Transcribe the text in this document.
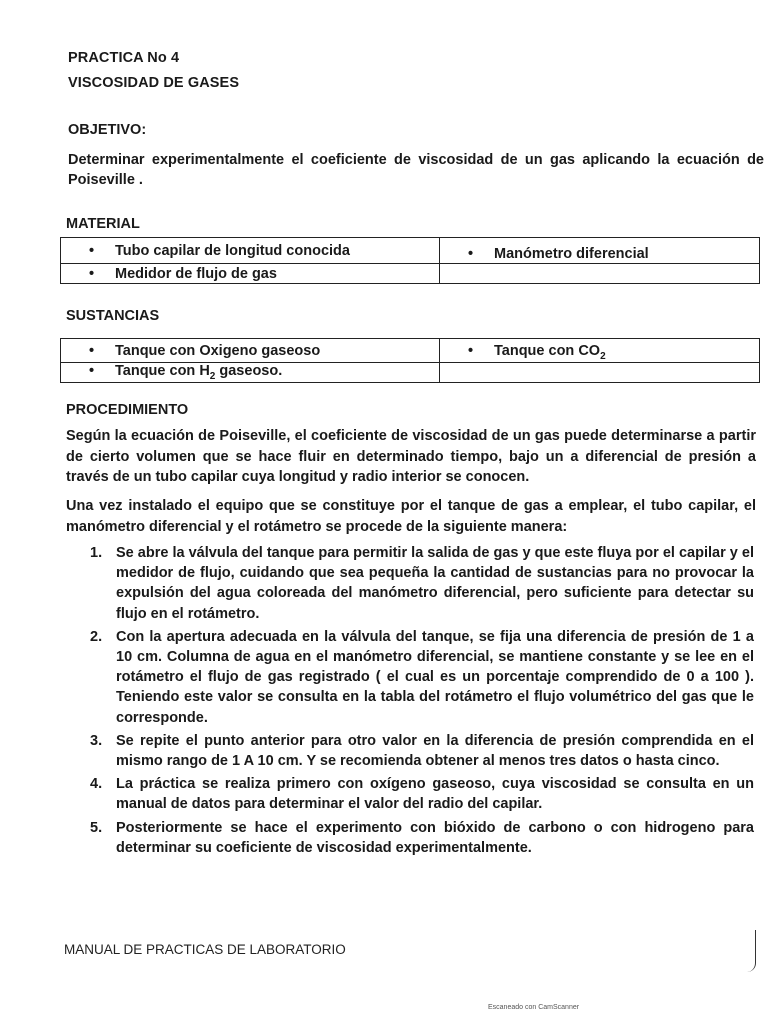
PRACTICA No 4
VISCOSIDAD DE GASES
OBJETIVO:
Determinar experimentalmente el coeficiente de viscosidad de un gas aplicando la ecuación de Poiseville .
MATERIAL
• Tubo capilar de longitud conocida	• Manómetro diferencial
• Medidor de flujo de gas	
SUSTANCIAS
• Tanque con Oxigeno gaseoso	• Tanque con $CO_2$
• Tanque con $H_2$ gaseoso.	
PROCEDIMIENTO
Según la ecuación de Poiseville, el coeficiente de viscosidad de un gas puede determinarse a partir de cierto volumen que se hace fluir en determinado tiempo, bajo un a diferencial de presión a través de un tubo capilar cuya longitud y radio interior se conocen.
Una vez instalado el equipo que se constituye por el tanque de gas a emplear, el tubo capilar, el manómetro diferencial y el rotámetro se procede de la siguiente manera:
1. Se abre la válvula del tanque para permitir la salida de gas y que este fluya por el capilar y el medidor de flujo, cuidando que sea pequeña la cantidad de sustancias para no provocar la expulsión del agua coloreada del manómetro diferencial, pero suficiente para detectar su flujo en el rotámetro.
2. Con la apertura adecuada en la válvula del tanque, se fija una diferencia de presión de 1 a 10 cm. Columna de agua en el manómetro diferencial, se mantiene constante y se lee en el rotámetro el flujo de gas registrado ( el cual es un porcentaje comprendido de 0 a 100 ). Teniendo este valor se consulta en la tabla del rotámetro el flujo volumétrico del gas que le corresponde.
3. Se repite el punto anterior para otro valor en la diferencia de presión comprendida en el mismo rango de 1 A 10 cm. Y se recomienda obtener al menos tres datos o hasta cinco.
4. La práctica se realiza primero con oxígeno gaseoso, cuya viscosidad se consulta en un manual de datos para determinar el valor del radio del capilar.
5. Posteriormente se hace el experimento con bióxido de carbono o con hidrogeno para determinar su coeficiente de viscosidad experimentalmente.
MANUAL DE PRACTICAS DE LABORATORIO
Escaneado con CamScanner
